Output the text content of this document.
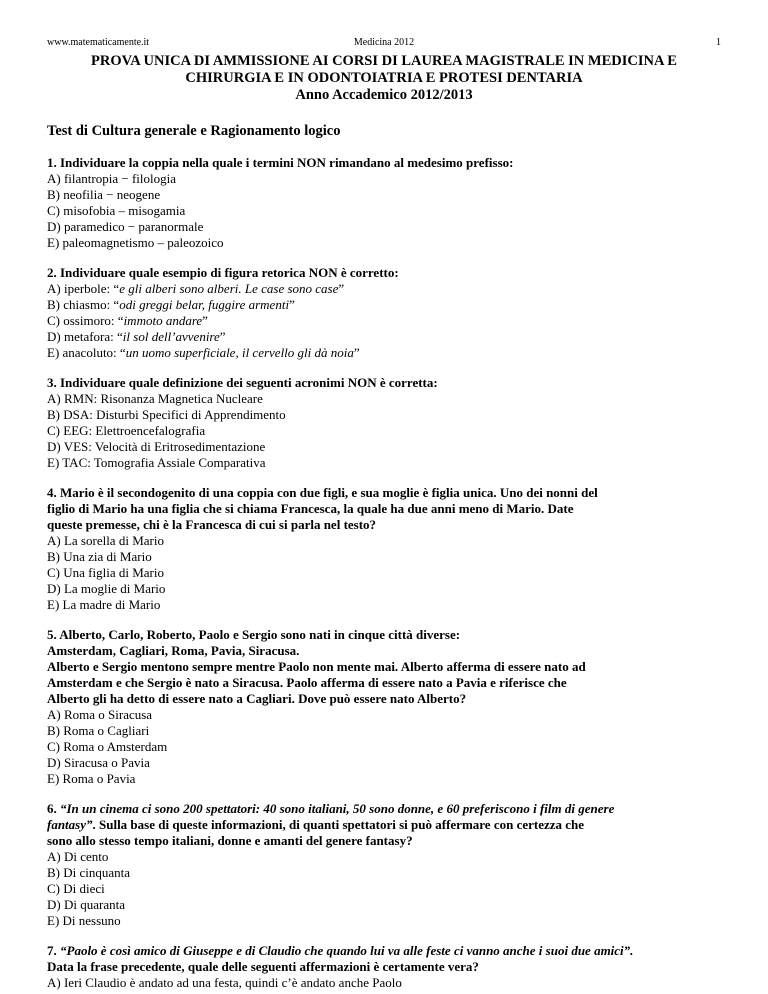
www.matematicamente.it	Medicina 2012	1
PROVA UNICA DI AMMISSIONE AI CORSI DI LAUREA MAGISTRALE IN MEDICINA E
CHIRURGIA E IN ODONTOIATRIA E PROTESI DENTARIA
Anno Accademico 2012/2013
Test di Cultura generale e Ragionamento logico
1. Individuare la coppia nella quale i termini NON rimandano al medesimo prefisso:
A) filantropia − filologia
B) neofilia − neogene
C) misofobia – misogamia
D) paramedico − paranormale
E) paleomagnetismo – paleozoico
2. Individuare quale esempio di figura retorica NON è corretto:
A) iperbole: “e gli alberi sono alberi. Le case sono case”
B) chiasmo: “odi greggi belar, fuggire armenti”
C) ossimoro: “immoto andare”
D) metafora: “il sol dell’avvenire”
E) anacoluto: “un uomo superficiale, il cervello gli dà noia”
3. Individuare quale definizione dei seguenti acronimi NON è corretta:
A) RMN: Risonanza Magnetica Nucleare
B) DSA: Disturbi Specifici di Apprendimento
C) EEG: Elettroencefalografia
D) VES: Velocità di Eritrosedimentazione
E) TAC: Tomografia Assiale Comparativa
4. Mario è il secondogenito di una coppia con due figli, e sua moglie è figlia unica. Uno dei nonni del
figlio di Mario ha una figlia che si chiama Francesca, la quale ha due anni meno di Mario. Date
queste premesse, chi è la Francesca di cui si parla nel testo?
A) La sorella di Mario
B) Una zia di Mario
C) Una figlia di Mario
D) La moglie di Mario
E) La madre di Mario
5. Alberto, Carlo, Roberto, Paolo e Sergio sono nati in cinque città diverse:
Amsterdam, Cagliari, Roma, Pavia, Siracusa.
Alberto e Sergio mentono sempre mentre Paolo non mente mai. Alberto afferma di essere nato ad
Amsterdam e che Sergio è nato a Siracusa. Paolo afferma di essere nato a Pavia e riferisce che
Alberto gli ha detto di essere nato a Cagliari. Dove può essere nato Alberto?
A) Roma o Siracusa
B) Roma o Cagliari
C) Roma o Amsterdam
D) Siracusa o Pavia
E) Roma o Pavia
6. “In un cinema ci sono 200 spettatori: 40 sono italiani, 50 sono donne, e 60 preferiscono i film di genere
fantasy”. Sulla base di queste informazioni, di quanti spettatori si può affermare con certezza che
sono allo stesso tempo italiani, donne e amanti del genere fantasy?
A) Di cento
B) Di cinquanta
C) Di dieci
D) Di quaranta
E) Di nessuno
7. “Paolo è così amico di Giuseppe e di Claudio che quando lui va alle feste ci vanno anche i suoi due amici”.
Data la frase precedente, quale delle seguenti affermazioni è certamente vera?
A) Ieri Claudio è andato ad una festa, quindi c’è andato anche Paolo
